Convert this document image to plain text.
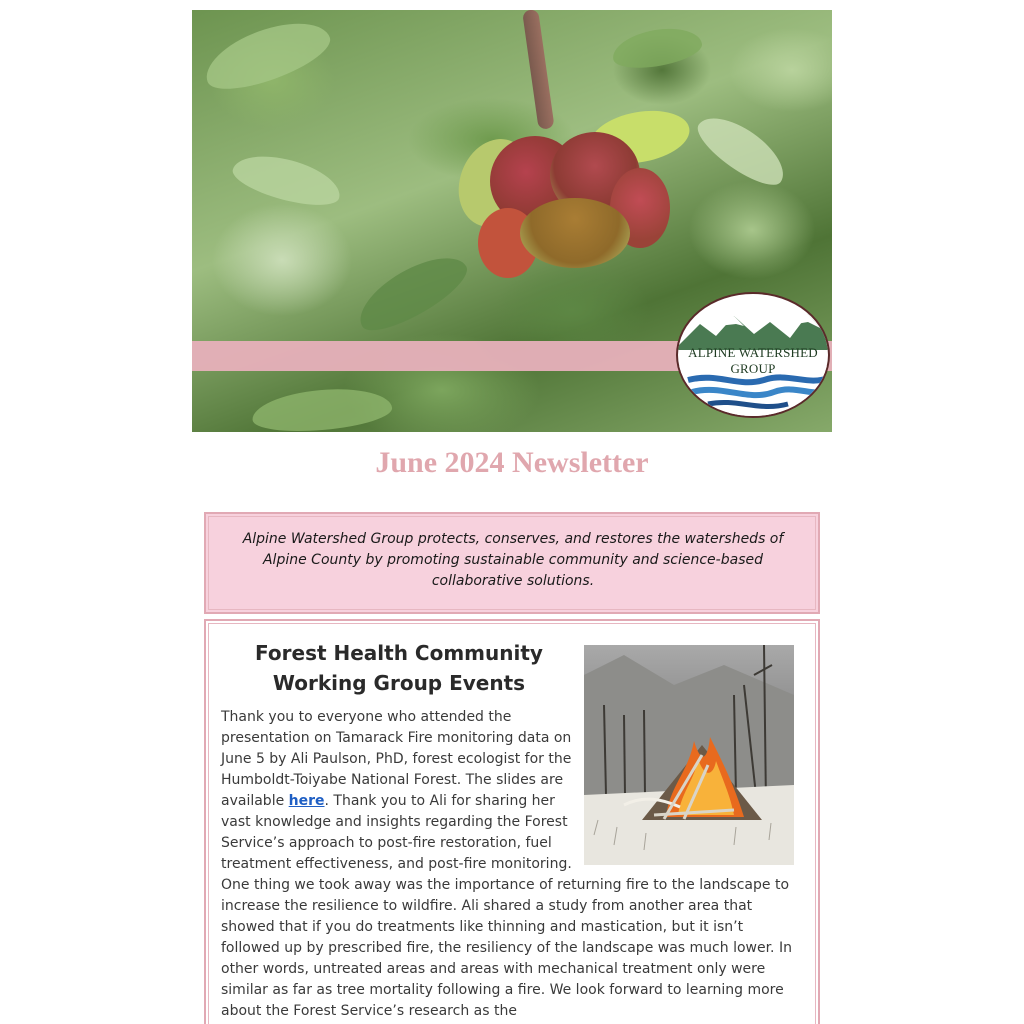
ALPINE WATERSHED GROUP
June 2024 Newsletter

Alpine Watershed Group protects, conserves, and restores the watersheds of Alpine County by promoting sustainable community and science-based collaborative solutions.

Forest Health Community Working Group Events
Thank you to everyone who attended the presentation on Tamarack Fire monitoring data on June 5 by Ali Paulson, PhD, forest ecologist for the Humboldt-Toiyabe National Forest. The slides are available here. Thank you to Ali for sharing her vast knowledge and insights regarding the Forest Service’s approach to post-fire restoration, fuel treatment effectiveness, and post-fire monitoring. One thing we took away was the importance of returning fire to the landscape to increase the resilience to wildfire. Ali shared a study from another area that showed that if you do treatments like thinning and mastication, but it isn’t followed up by prescribed fire, the resiliency of the landscape was much lower. In other words, untreated areas and areas with mechanical treatment only were similar as far as tree mortality following a fire. We look forward to learning more about the Forest Service’s research as the
